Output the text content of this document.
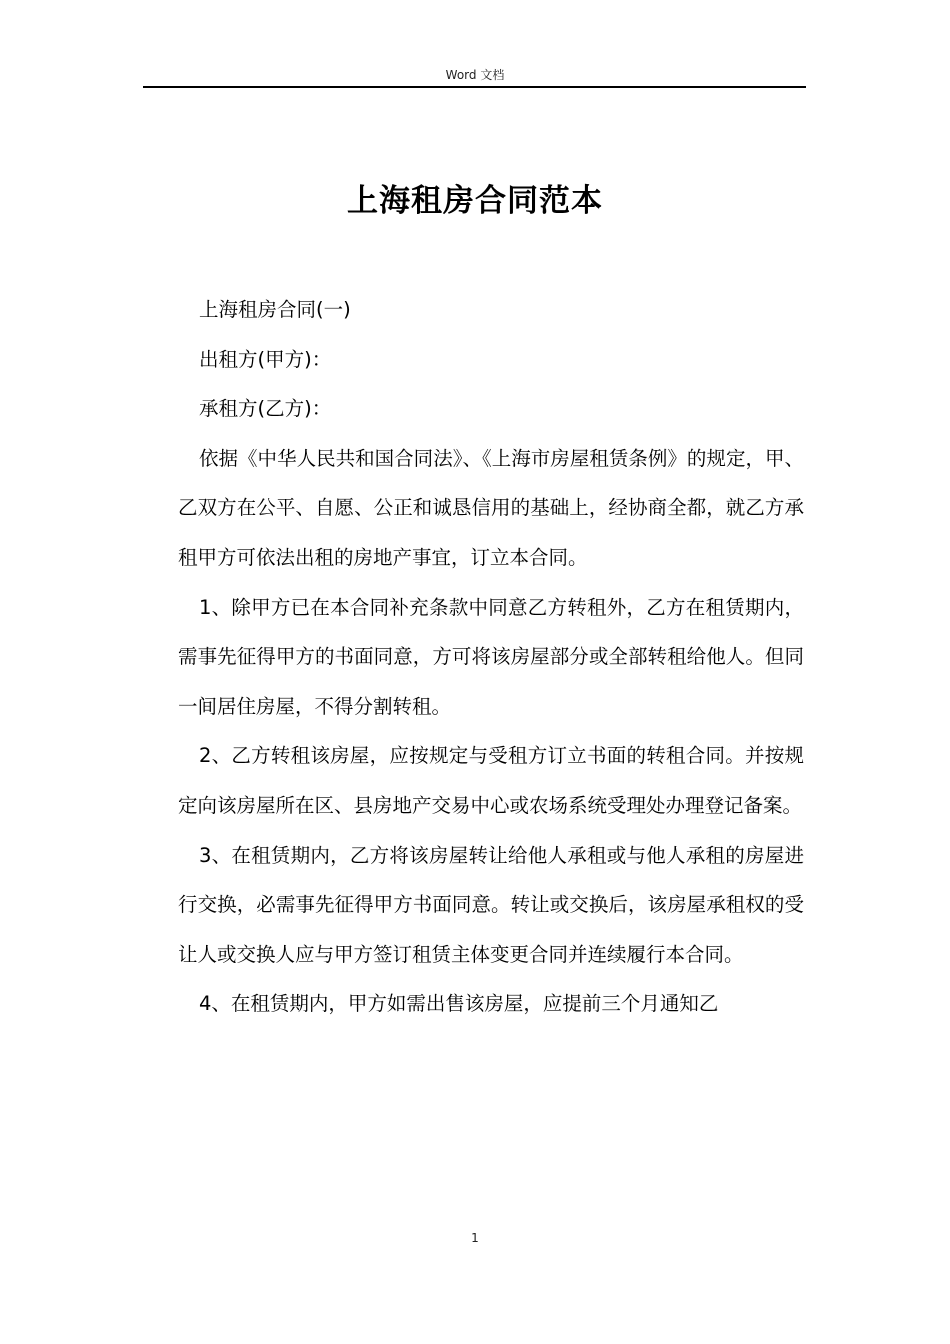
Word 文档
上海租房合同范本

上海租房合同(一)

出租方(甲方)：

承租方(乙方)：

依据《中华人民共和国合同法》、《上海市房屋租赁条例》的规定，甲、乙双方在公平、自愿、公正和诚恳信用的基础上，经协商全都，就乙方承租甲方可依法出租的房地产事宜，订立本合同。

1、除甲方已在本合同补充条款中同意乙方转租外，乙方在租赁期内，需事先征得甲方的书面同意，方可将该房屋部分或全部转租给他人。但同一间居住房屋，不得分割转租。

2、乙方转租该房屋，应按规定与受租方订立书面的转租合同。并按规定向该房屋所在区、县房地产交易中心或农场系统受理处办理登记备案。

3、在租赁期内，乙方将该房屋转让给他人承租或与他人承租的房屋进行交换，必需事先征得甲方书面同意。转让或交换后，该房屋承租权的受让人或交换人应与甲方签订租赁主体变更合同并连续履行本合同。

4、在租赁期内，甲方如需出售该房屋，应提前三个月通知乙

1
